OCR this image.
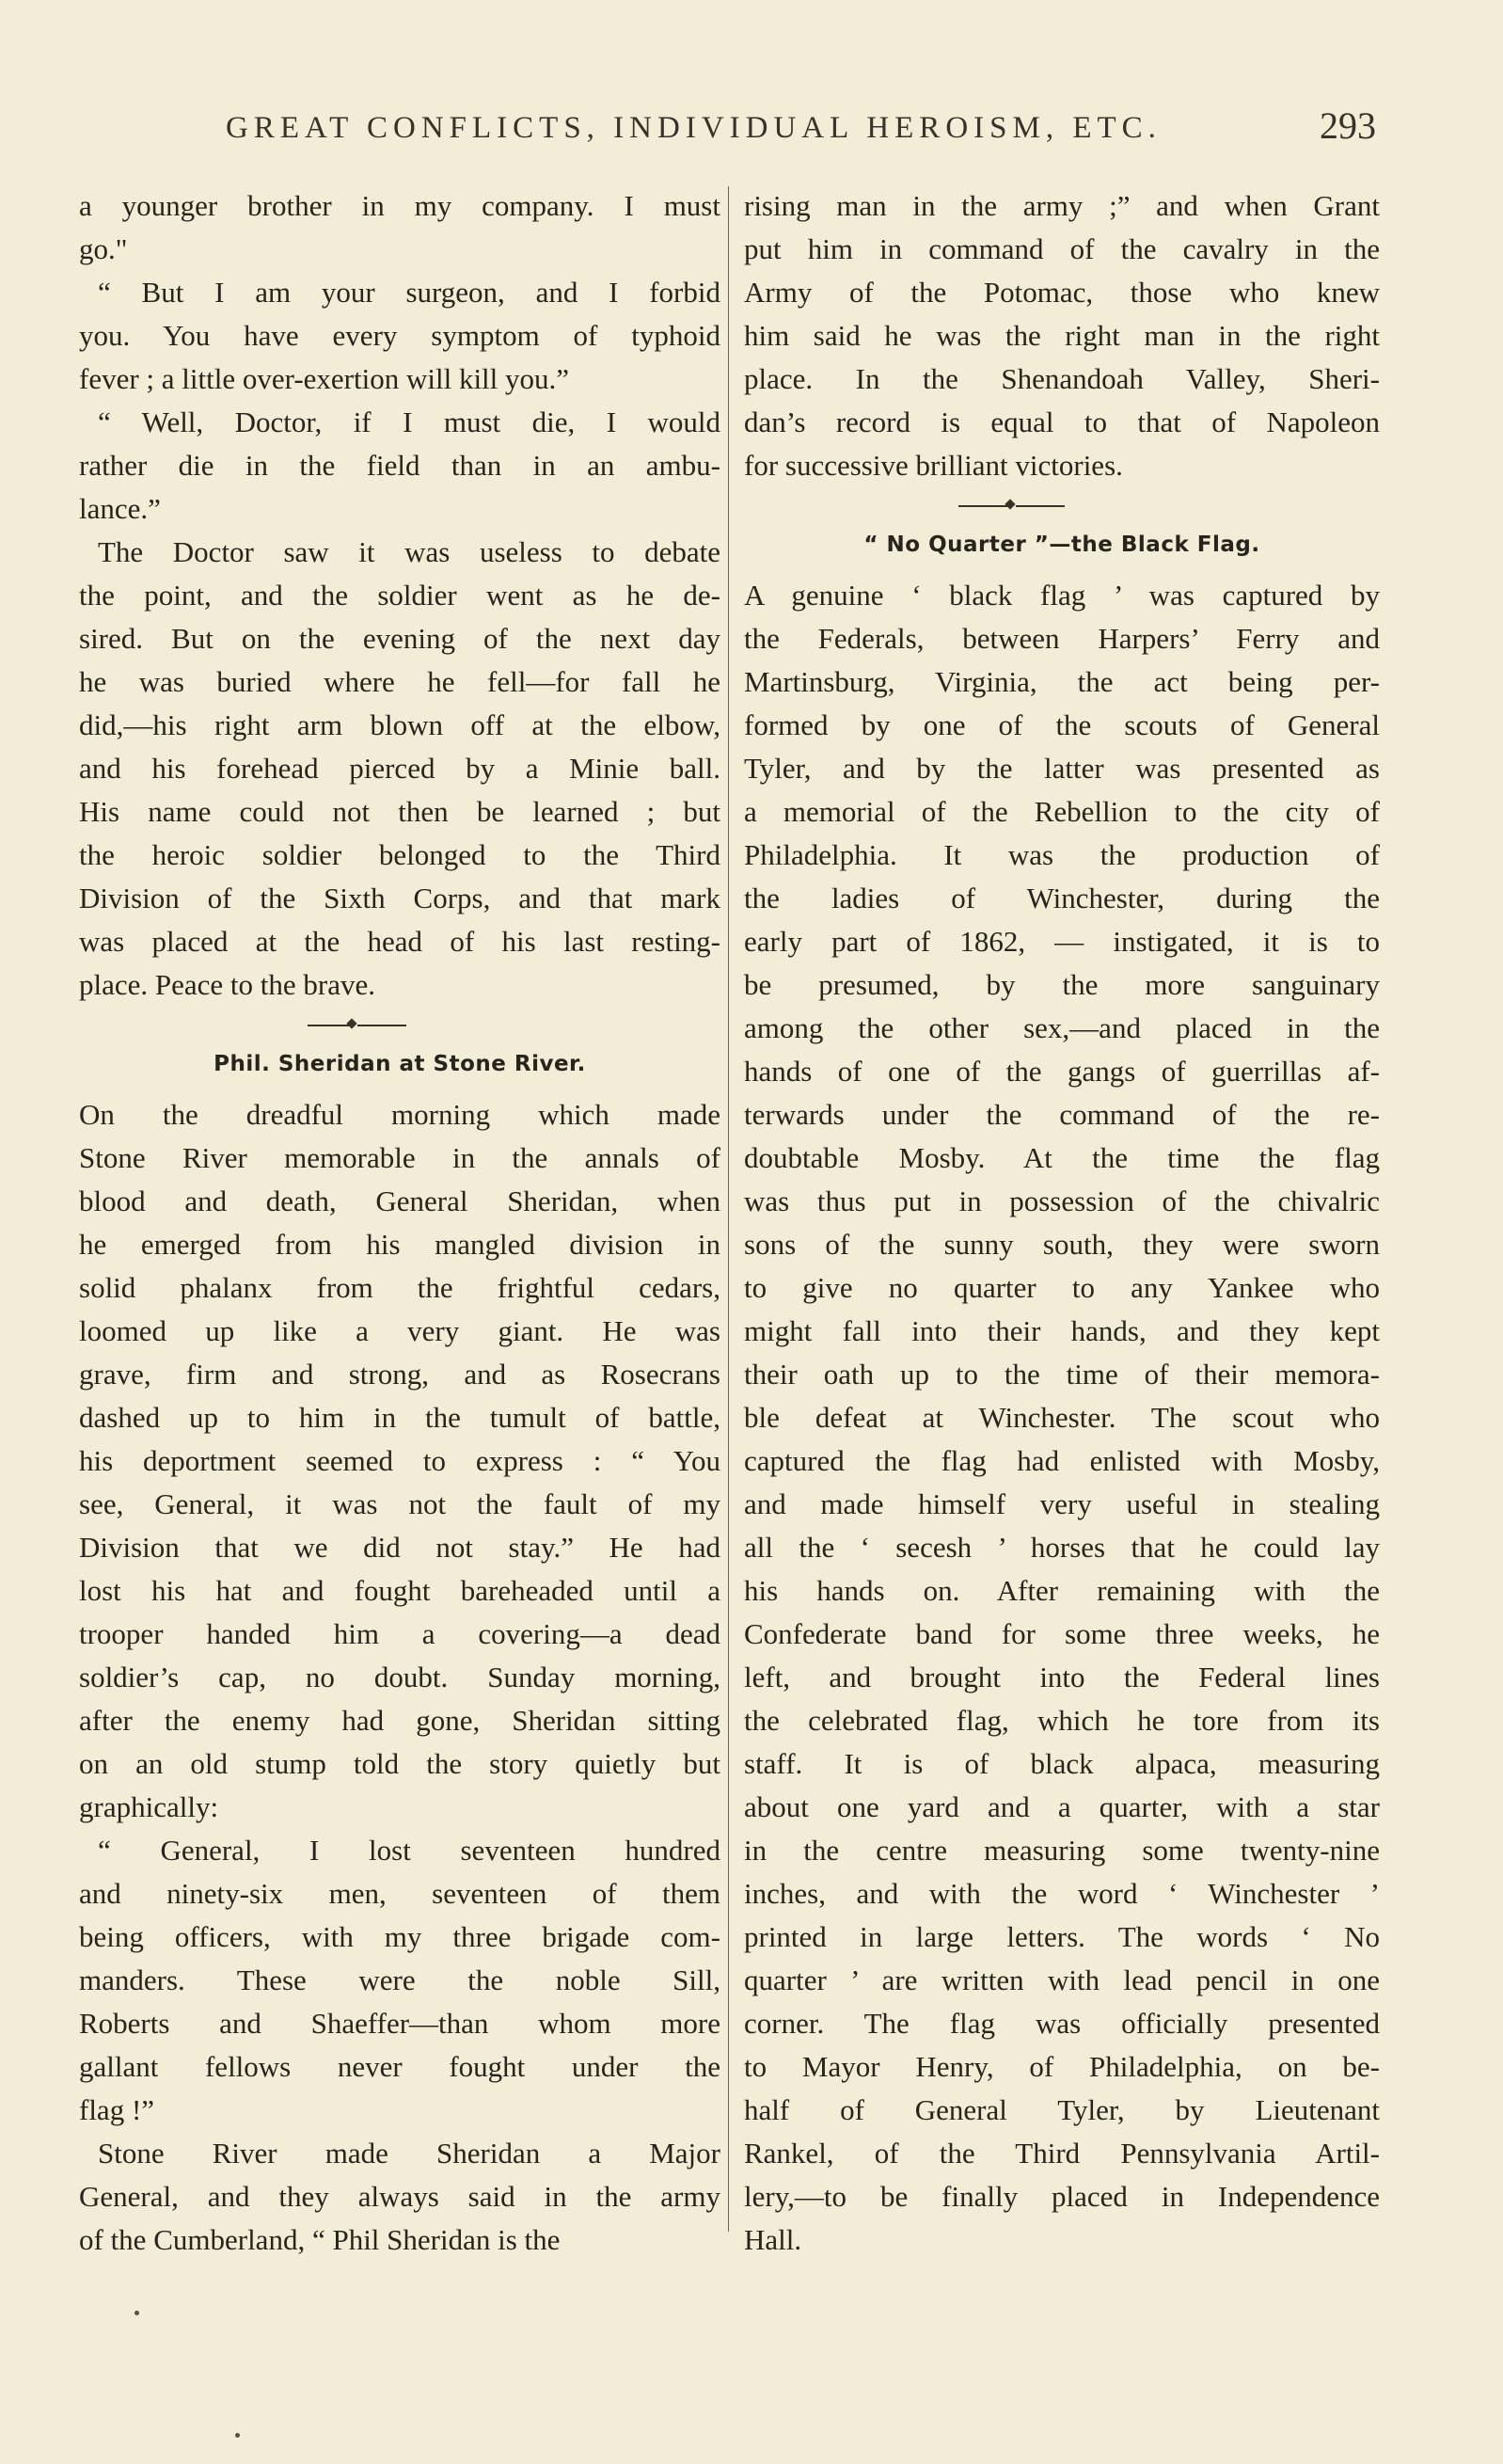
GREAT CONFLICTS, INDIVIDUAL HEROISM, ETC.	293
a younger brother in my company. I must
go."
“ But I am your surgeon, and I forbid
you. You have every symptom of typhoid
fever ; a little over-exertion will kill you.”
“ Well, Doctor, if I must die, I would
rather die in the field than in an ambu-
lance.”
The Doctor saw it was useless to debate
the point, and the soldier went as he de-
sired. But on the evening of the next day
he was buried where he fell—for fall he
did,—his right arm blown off at the elbow,
and his forehead pierced by a Minie ball.
His name could not then be learned ; but
the heroic soldier belonged to the Third
Division of the Sixth Corps, and that mark
was placed at the head of his last resting-
place. Peace to the brave.
Phil. Sheridan at Stone River.
On the dreadful morning which made
Stone River memorable in the annals of
blood and death, General Sheridan, when
he emerged from his mangled division in
solid phalanx from the frightful cedars,
loomed up like a very giant. He was
grave, firm and strong, and as Rosecrans
dashed up to him in the tumult of battle,
his deportment seemed to express : “ You
see, General, it was not the fault of my
Division that we did not stay.” He had
lost his hat and fought bareheaded until a
trooper handed him a covering—a dead
soldier’s cap, no doubt. Sunday morning,
after the enemy had gone, Sheridan sitting
on an old stump told the story quietly but
graphically:
“ General, I lost seventeen hundred
and ninety-six men, seventeen of them
being officers, with my three brigade com-
manders. These were the noble Sill,
Roberts and Shaeffer—than whom more
gallant fellows never fought under the
flag !”
Stone River made Sheridan a Major
General, and they always said in the army
of the Cumberland, “ Phil Sheridan is the
rising man in the army ;” and when Grant
put him in command of the cavalry in the
Army of the Potomac, those who knew
him said he was the right man in the right
place. In the Shenandoah Valley, Sheri-
dan’s record is equal to that of Napoleon
for successive brilliant victories.
“ No Quarter ”—the Black Flag.
A genuine ‘ black flag ’ was captured by
the Federals, between Harpers’ Ferry and
Martinsburg, Virginia, the act being per-
formed by one of the scouts of General
Tyler, and by the latter was presented as
a memorial of the Rebellion to the city of
Philadelphia. It was the production of
the ladies of Winchester, during the
early part of 1862, — instigated, it is to
be presumed, by the more sanguinary
among the other sex,—and placed in the
hands of one of the gangs of guerrillas af-
terwards under the command of the re-
doubtable Mosby. At the time the flag
was thus put in possession of the chivalric
sons of the sunny south, they were sworn
to give no quarter to any Yankee who
might fall into their hands, and they kept
their oath up to the time of their memora-
ble defeat at Winchester. The scout who
captured the flag had enlisted with Mosby,
and made himself very useful in stealing
all the ‘ secesh ’ horses that he could lay
his hands on. After remaining with the
Confederate band for some three weeks, he
left, and brought into the Federal lines
the celebrated flag, which he tore from its
staff. It is of black alpaca, measuring
about one yard and a quarter, with a star
in the centre measuring some twenty-nine
inches, and with the word ‘ Winchester ’
printed in large letters. The words ‘ No
quarter ’ are written with lead pencil in one
corner. The flag was officially presented
to Mayor Henry, of Philadelphia, on be-
half of General Tyler, by Lieutenant
Rankel, of the Third Pennsylvania Artil-
lery,—to be finally placed in Independence
Hall.
